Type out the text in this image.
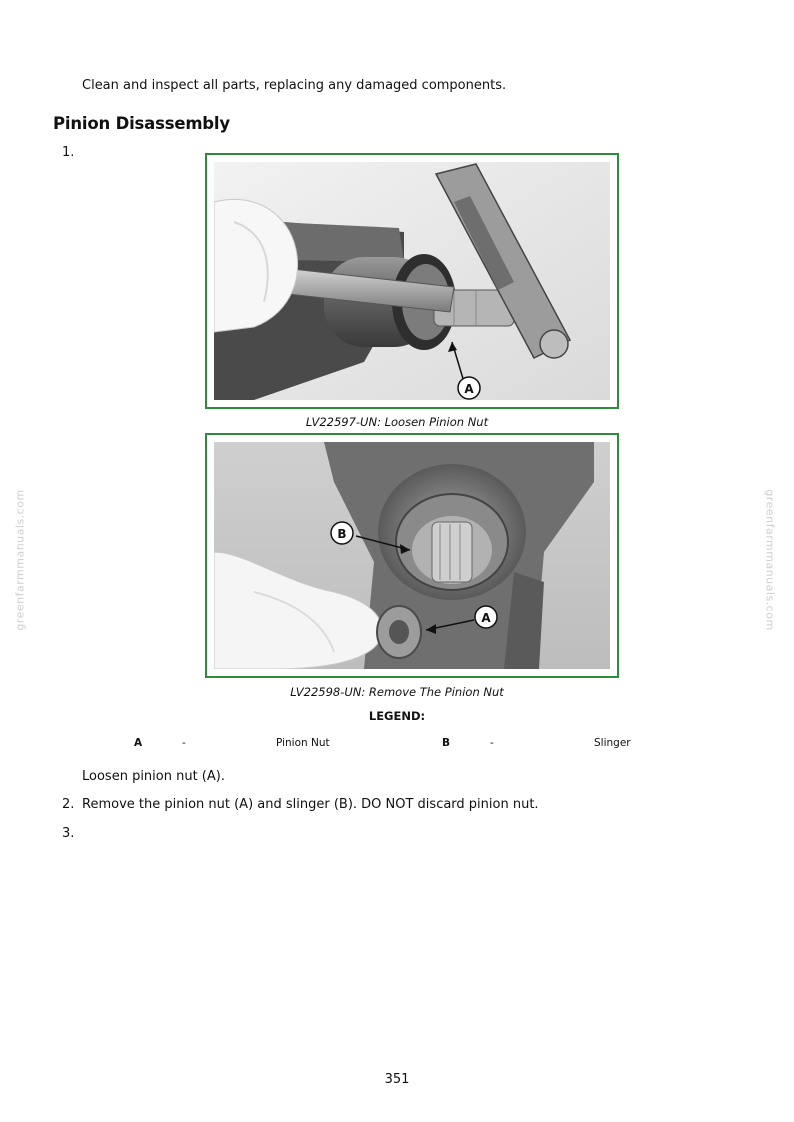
Clean and inspect all parts, replacing any damaged components.
Pinion Disassembly
1.
A
LV22597-UN: Loosen Pinion Nut
B
A
LV22598-UN: Remove The Pinion Nut
LEGEND:
A	-	Pinion Nut	B	-	Slinger
Loosen pinion nut (A).
2. Remove the pinion nut (A) and slinger (B). DO NOT discard pinion nut.
3.
greenfarmmanuals.com	greenfarmmanuals.com
351
